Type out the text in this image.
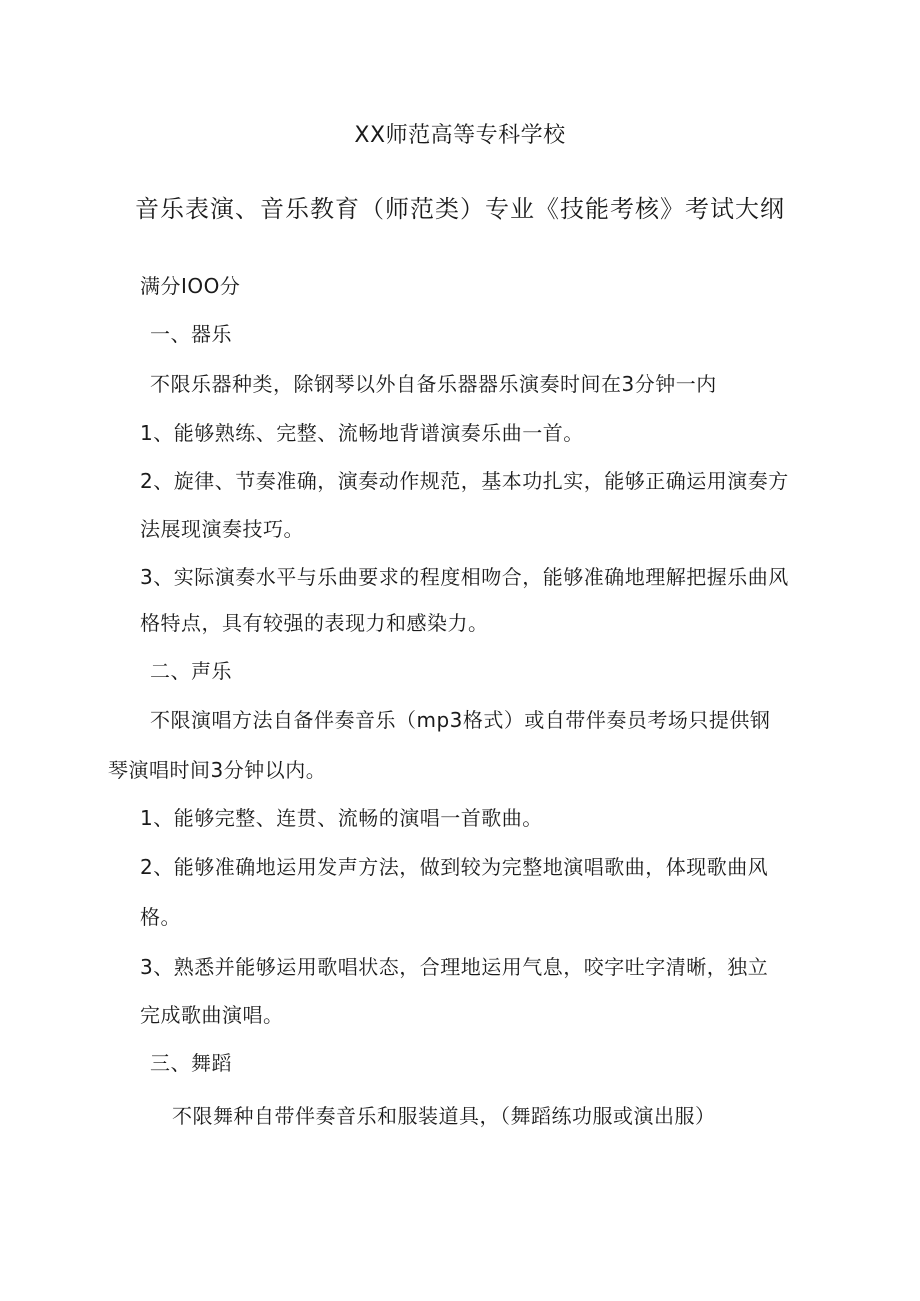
XX师范高等专科学校
音乐表演、音乐教育（师范类）专业《技能考核》考试大纲
满分IOO分
一、器乐
不限乐器种类，除钢琴以外自备乐器器乐演奏时间在3分钟一内
1、能够熟练、完整、流畅地背谱演奏乐曲一首。
2、旋律、节奏准确，演奏动作规范，基本功扎实，能够正确运用演奏方
法展现演奏技巧。
3、实际演奏水平与乐曲要求的程度相吻合，能够准确地理解把握乐曲风
格特点，具有较强的表现力和感染力。
二、声乐
不限演唱方法自备伴奏音乐（mp3格式）或自带伴奏员考场只提供钢
琴演唱时间3分钟以内。
1、能够完整、连贯、流畅的演唱一首歌曲。
2、能够准确地运用发声方法，做到较为完整地演唱歌曲，体现歌曲风
格。
3、熟悉并能够运用歌唱状态，合理地运用气息，咬字吐字清晰，独立
完成歌曲演唱。
三、舞蹈
不限舞种自带伴奏音乐和服装道具，（舞蹈练功服或演出服）
